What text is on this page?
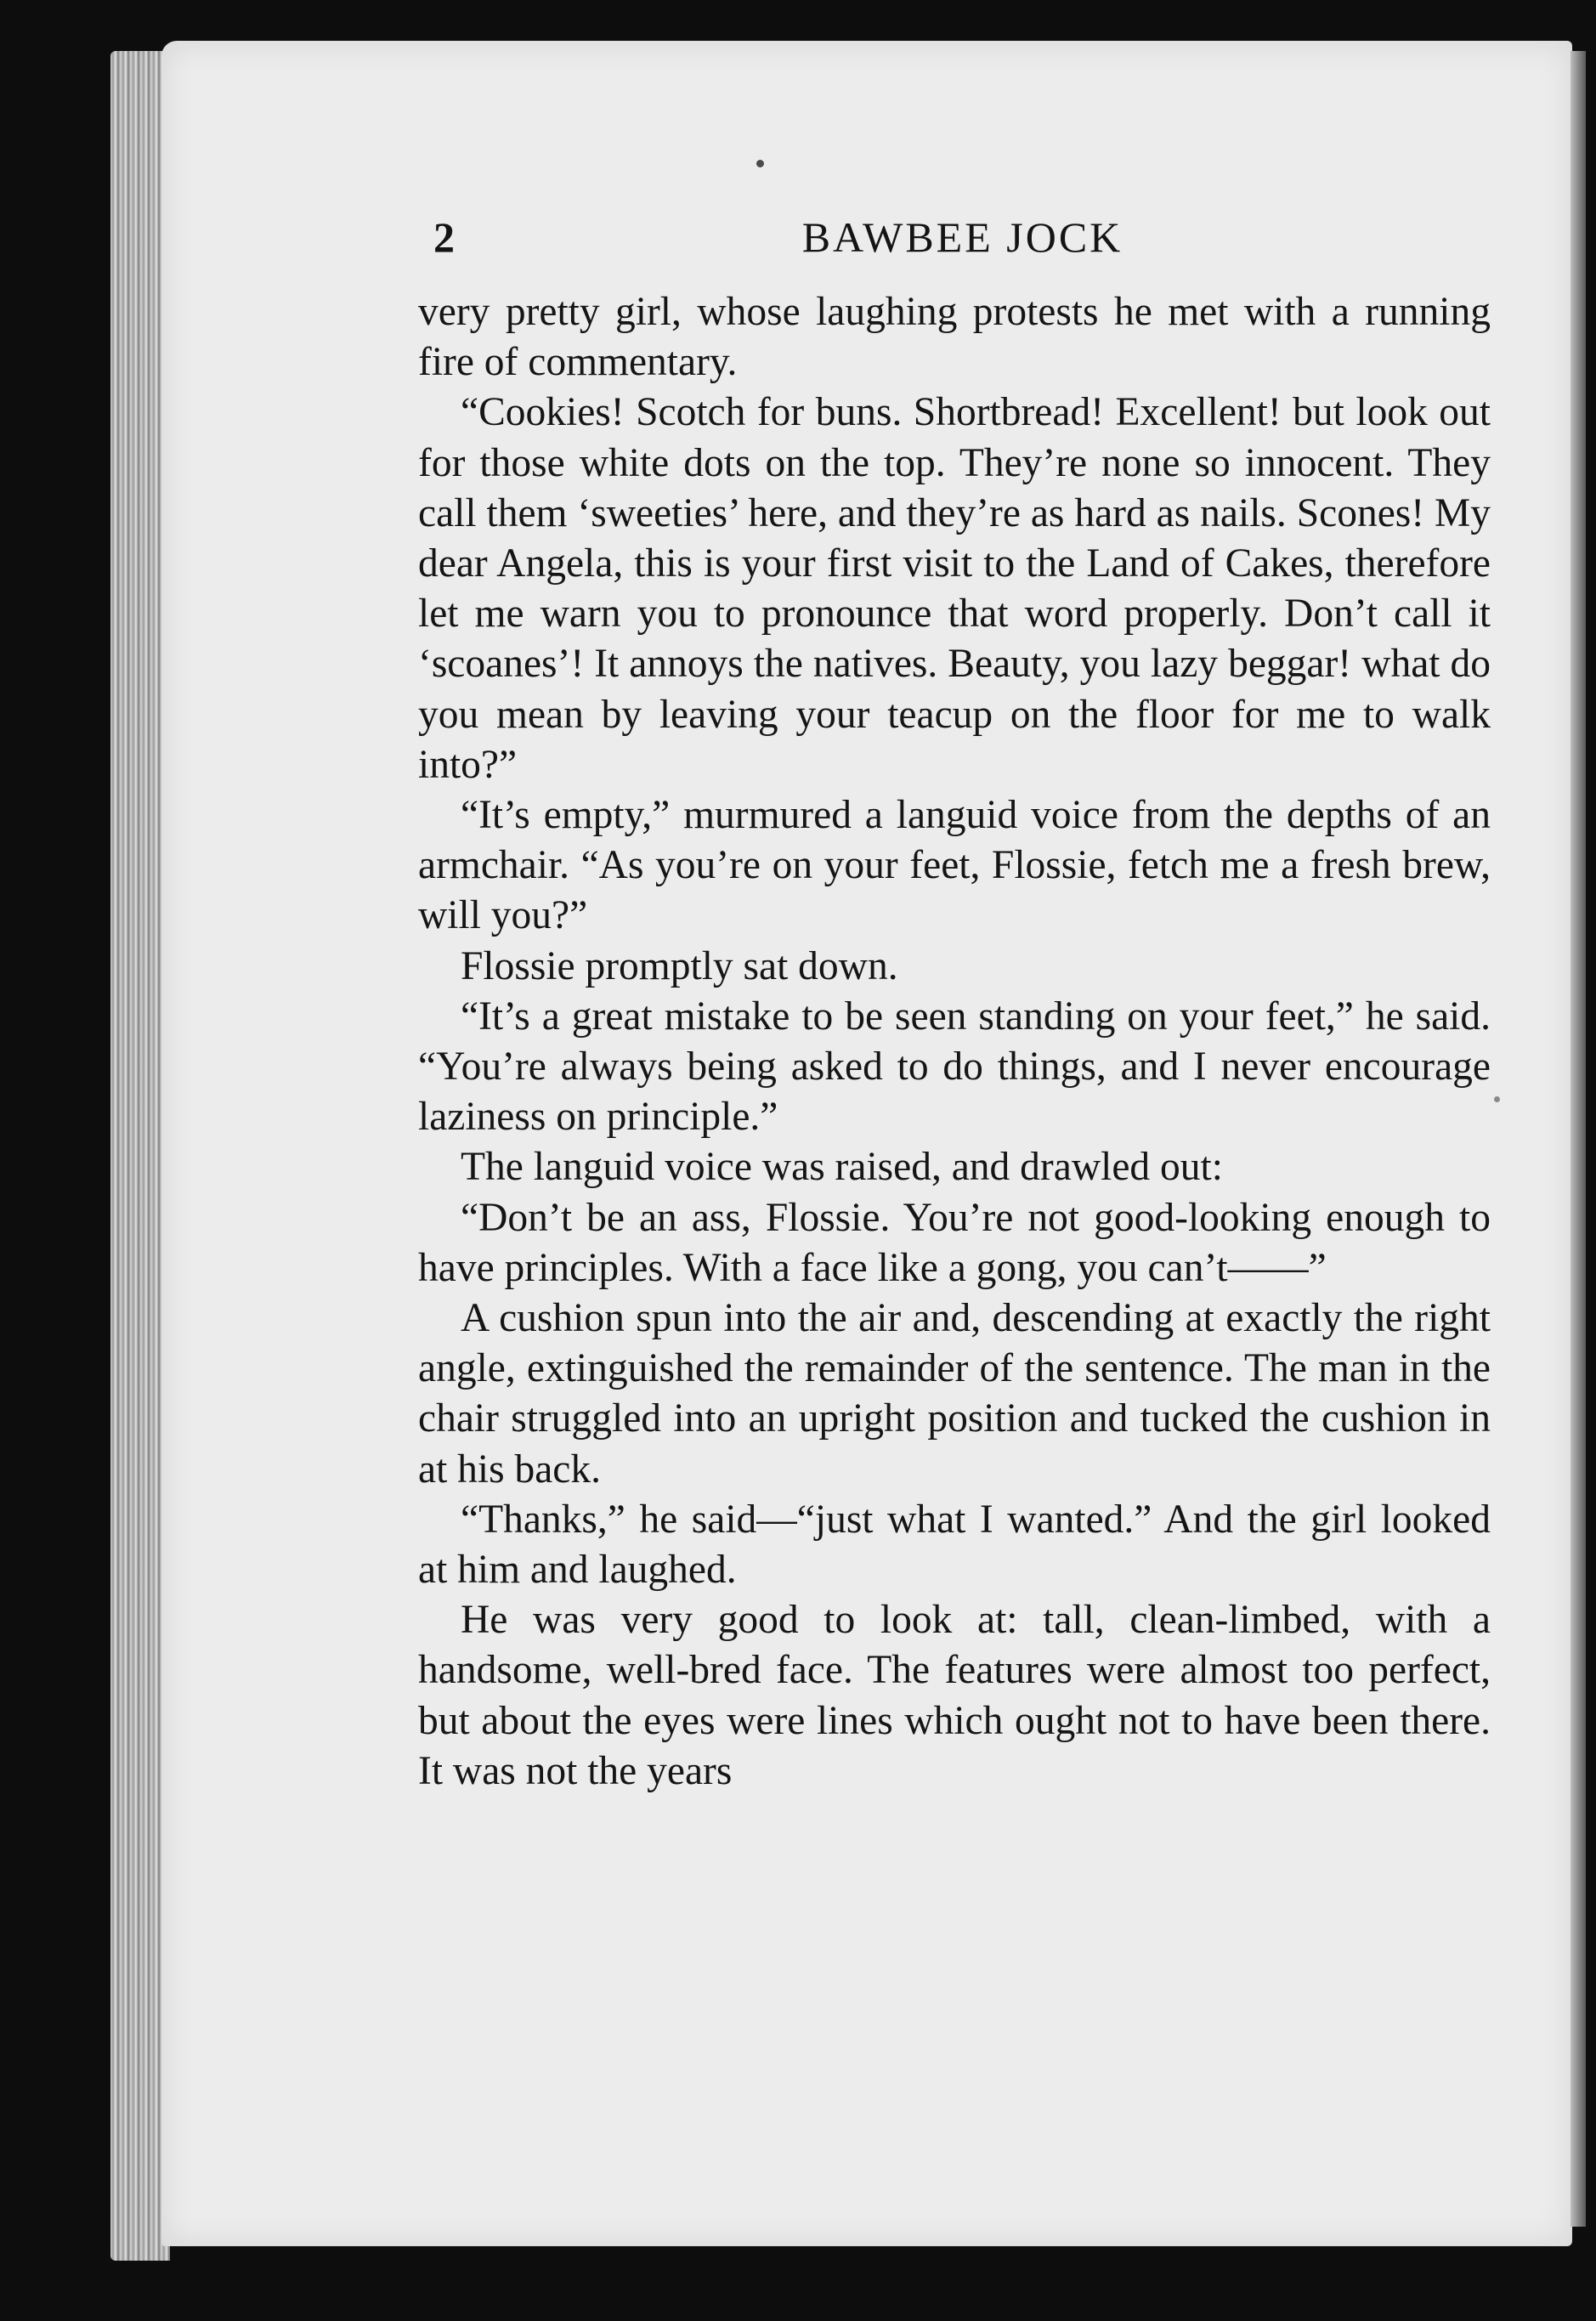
2	BAWBEE JOCK

very pretty girl, whose laughing protests he met with a running fire of commentary.

“Cookies! Scotch for buns. Shortbread! Excellent! but look out for those white dots on the top. They’re none so innocent. They call them ‘sweeties’ here, and they’re as hard as nails. Scones! My dear Angela, this is your first visit to the Land of Cakes, therefore let me warn you to pronounce that word properly. Don’t call it ‘scoanes’! It annoys the natives. Beauty, you lazy beggar! what do you mean by leaving your teacup on the floor for me to walk into?”

“It’s empty,” murmured a languid voice from the depths of an armchair. “As you’re on your feet, Flossie, fetch me a fresh brew, will you?”

Flossie promptly sat down.

“It’s a great mistake to be seen standing on your feet,” he said. “You’re always being asked to do things, and I never encourage laziness on principle.”

The languid voice was raised, and drawled out:

“Don’t be an ass, Flossie. You’re not good-looking enough to have principles. With a face like a gong, you can’t——”

A cushion spun into the air and, descending at exactly the right angle, extinguished the remainder of the sentence. The man in the chair struggled into an upright position and tucked the cushion in at his back.

“Thanks,” he said—“just what I wanted.” And the girl looked at him and laughed.

He was very good to look at: tall, clean-limbed, with a handsome, well-bred face. The features were almost too perfect, but about the eyes were lines which ought not to have been there. It was not the years
